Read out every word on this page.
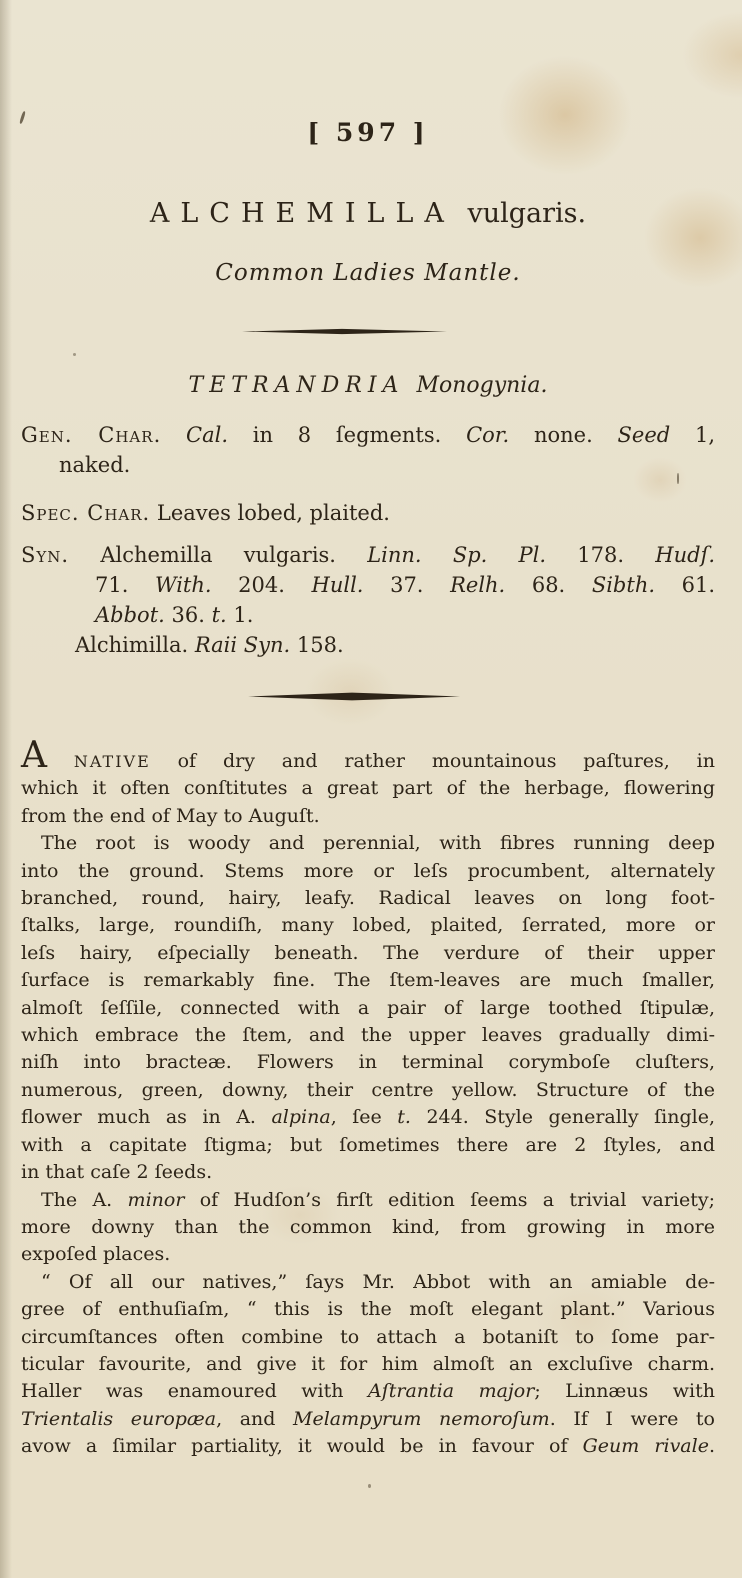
[ 597 ]
ALCHEMILLA vulgaris.
Common Ladies Mantle.
TETRANDRIA Monogynia.
Gen. Char. Cal. in 8 ſegments. Cor. none. Seed 1,
naked.
Spec. Char. Leaves lobed, plaited.
Syn. Alchemilla vulgaris. Linn. Sp. Pl. 178. Hudſ.
71. With. 204. Hull. 37. Relh. 68. Sibth. 61.
Abbot. 36. t. 1.
Alchimilla. Raii Syn. 158.
A NATIVE of dry and rather mountainous paſtures, in
which it often conſtitutes a great part of the herbage, flowering
from the end of May to Auguſt.
The root is woody and perennial, with fibres running deep
into the ground. Stems more or leſs procumbent, alternately
branched, round, hairy, leafy. Radical leaves on long foot-
ſtalks, large, roundiſh, many lobed, plaited, ſerrated, more or
leſs hairy, eſpecially beneath. The verdure of their upper
ſurface is remarkably fine. The ſtem-leaves are much ſmaller,
almoſt ſeſſile, connected with a pair of large toothed ſtipulæ,
which embrace the ſtem, and the upper leaves gradually dimi-
niſh into bracteæ. Flowers in terminal corymboſe cluſters,
numerous, green, downy, their centre yellow. Structure of the
flower much as in A. alpina, ſee t. 244. Style generally ſingle,
with a capitate ſtigma; but ſometimes there are 2 ſtyles, and
in that caſe 2 ſeeds.
The A. minor of Hudſon’s firſt edition ſeems a trivial variety;
more downy than the common kind, from growing in more
expoſed places.
“ Of all our natives,” ſays Mr. Abbot with an amiable de-
gree of enthuſiaſm, “ this is the moſt elegant plant.” Various
circumſtances often combine to attach a botaniſt to ſome par-
ticular favourite, and give it for him almoſt an excluſive charm.
Haller was enamoured with Aſtrantia major; Linnæus with
Trientalis europæa, and Melampyrum nemoroſum. If I were to
avow a ſimilar partiality, it would be in favour of Geum rivale.
